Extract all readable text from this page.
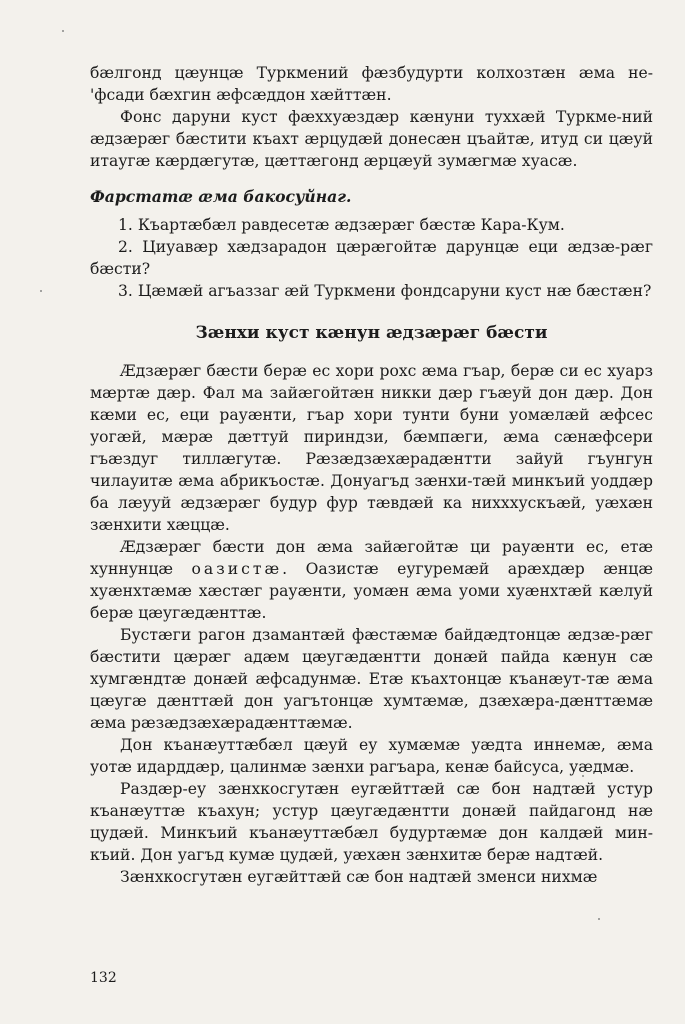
бæлгонд цæунцæ Туркмений фæзбудурти колхозтæн æма не-'фсади бæхгин æфсæддон хæйттæн.

Фонс даруни куст фæххуæздæр кæнуни туххæй Туркме-ний æдзæрæг бæстити къахт æрцудæй донесæн цъайтæ, итуд си цæуй итаугæ кæрдæгутæ, цæттæгонд æрцæуй зумæгмæ хуасæ.

Фарстатæ æма бакосуйнаг.

1. Къартæбæл равдесетæ æдзæрæг бæстæ Кара-Кум.

2. Циуавæр хæдзарадон цæрæгойтæ дарунцæ еци æдзæ-рæг бæсти?

3. Цæмæй агъаззаг æй Туркмени фондсаруни куст нæ бæстæн?

Зæнхи куст кæнун æдзæрæг бæсти

Æдзæрæг бæсти берæ ес хори рохс æма гъар, берæ си ес хуарз мæртæ дæр. Фал ма зайæгойтæн никки дæр гъæуй дон дæр. Дон кæми ес, еци рауæнти, гъар хори тунти буни уомæлæй æфсес уогæй, мæрæ дæттуй пириндзи, бæмпæги, æма сæнæфсери гъæздуг тиллæгутæ. Рæзæдзæхæрадæнтти зайуй гъунгун чилауитæ æма абрикъостæ. Донуагъд зæнхи-тæй минкъий уоддæр ба лæууй æдзæрæг будур фур тæвдæй ка нихххускъæй, уæхæн зæнхити хæццæ.

Æдзæрæг бæсти дон æма зайæгойтæ ци рауæнти ес, етæ хуннунцæ оазистæ. Оазистæ еугуремæй арæхдæр æнцæ хуæнхтæмæ хæстæг рауæнти, уомæн æма уоми хуæнхтæй кæлуй берæ цæугæдæнттæ.

Бустæги рагон дзамантæй фæстæмæ байдæдтонцæ æдзæ-рæг бæстити цæрæг адæм цæугæдæнтти донæй пайда кæнун сæ хумгæндтæ донæй æфсадунмæ. Етæ къахтонцæ къанæут-тæ æма цæугæ дæнттæй дон уагътонцæ хумтæмæ, дзæхæра-дæнттæмæ æма рæзæдзæхæрадæнттæмæ.

Дон къанæуттæбæл цæуй еу хумæмæ уæдта иннемæ, æма уотæ идарддæр, цалинмæ зæнхи рагъара, кенæ байсуса, уæдмæ.

Раздæр-еу зæнхкосгутæн еугæйттæй сæ бон надтæй устур къанæуттæ къахун; устур цæугæдæнтти донæй пайдагонд нæ цудæй. Минкъий къанæуттæбæл будуртæмæ дон калдæй мин-къий. Дон уагъд кумæ цудæй, уæхæн зæнхитæ берæ надтæй.

Зæнхкосгутæн еугæйттæй сæ бон надтæй зменси нихмæ

132
